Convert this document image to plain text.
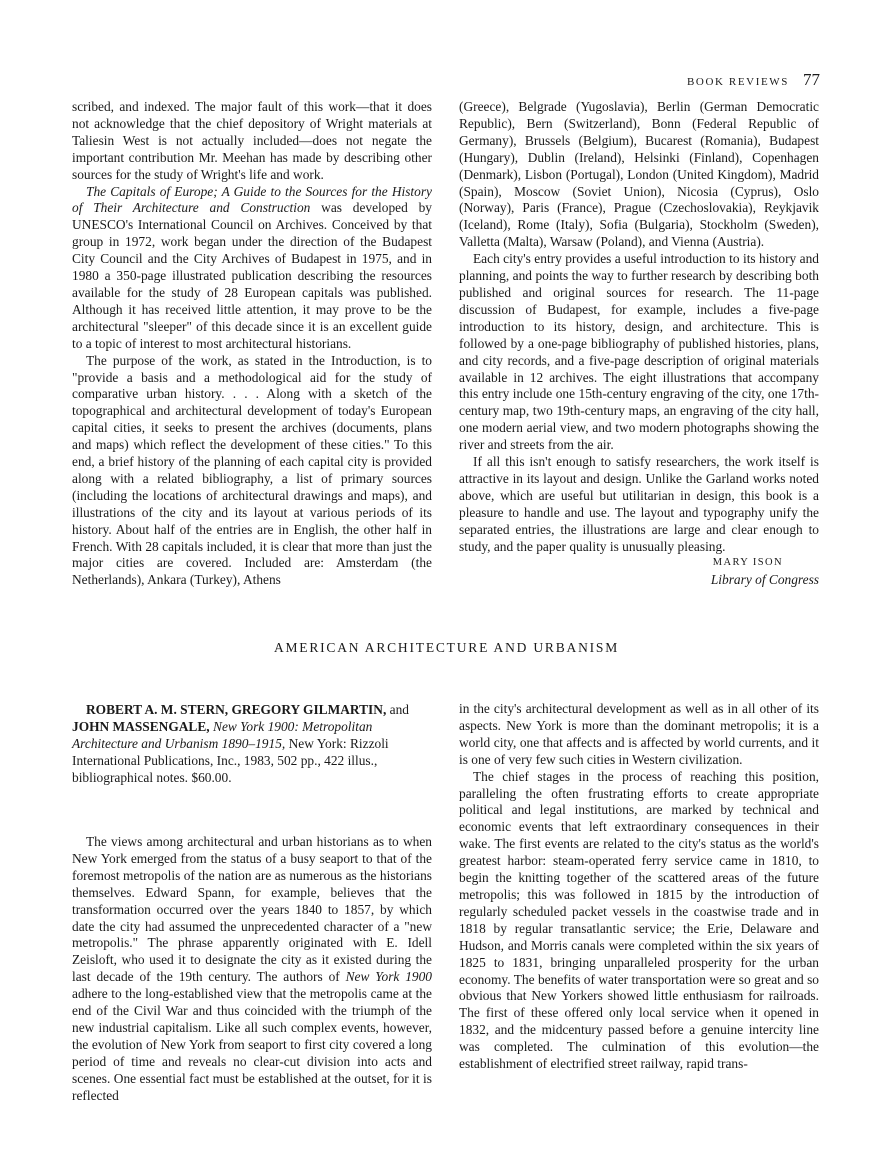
BOOK REVIEWS 77

scribed, and indexed. The major fault of this work—that it does not acknowledge that the chief depository of Wright materials at Taliesin West is not actually included—does not negate the important contribution Mr. Meehan has made by describing other sources for the study of Wright's life and work.

The Capitals of Europe; A Guide to the Sources for the History of Their Architecture and Construction was developed by UNESCO's International Council on Archives. Conceived by that group in 1972, work began under the direction of the Budapest City Council and the City Archives of Budapest in 1975, and in 1980 a 350-page illustrated publication describing the resources available for the study of 28 European capitals was published. Although it has received little attention, it may prove to be the architectural "sleeper" of this decade since it is an excellent guide to a topic of interest to most architectural historians.

The purpose of the work, as stated in the Introduction, is to "provide a basis and a methodological aid for the study of comparative urban history. . . . Along with a sketch of the topographical and architectural development of today's European capital cities, it seeks to present the archives (documents, plans and maps) which reflect the development of these cities." To this end, a brief history of the planning of each capital city is provided along with a related bibliography, a list of primary sources (including the locations of architectural drawings and maps), and illustrations of the city and its layout at various periods of its history. About half of the entries are in English, the other half in French. With 28 capitals included, it is clear that more than just the major cities are covered. Included are: Amsterdam (the Netherlands), Ankara (Turkey), Athens

(Greece), Belgrade (Yugoslavia), Berlin (German Democratic Republic), Bern (Switzerland), Bonn (Federal Republic of Germany), Brussels (Belgium), Bucarest (Romania), Budapest (Hungary), Dublin (Ireland), Helsinki (Finland), Copenhagen (Denmark), Lisbon (Portugal), London (United Kingdom), Madrid (Spain), Moscow (Soviet Union), Nicosia (Cyprus), Oslo (Norway), Paris (France), Prague (Czechoslovakia), Reykjavik (Iceland), Rome (Italy), Sofia (Bulgaria), Stockholm (Sweden), Valletta (Malta), Warsaw (Poland), and Vienna (Austria).

Each city's entry provides a useful introduction to its history and planning, and points the way to further research by describing both published and original sources for research. The 11-page discussion of Budapest, for example, includes a five-page introduction to its history, design, and architecture. This is followed by a one-page bibliography of published histories, plans, and city records, and a five-page description of original materials available in 12 archives. The eight illustrations that accompany this entry include one 15th-century engraving of the city, one 17th-century map, two 19th-century maps, an engraving of the city hall, one modern aerial view, and two modern photographs showing the river and streets from the air.

If all this isn't enough to satisfy researchers, the work itself is attractive in its layout and design. Unlike the Garland works noted above, which are useful but utilitarian in design, this book is a pleasure to handle and use. The layout and typography unify the separated entries, the illustrations are large and clear enough to study, and the paper quality is unusually pleasing.

MARY ISON
Library of Congress
AMERICAN ARCHITECTURE AND URBANISM

ROBERT A. M. STERN, GREGORY GILMARTIN, and JOHN MASSENGALE, New York 1900: Metropolitan Architecture and Urbanism 1890–1915, New York: Rizzoli International Publications, Inc., 1983, 502 pp., 422 illus., bibliographical notes. $60.00.

The views among architectural and urban historians as to when New York emerged from the status of a busy seaport to that of the foremost metropolis of the nation are as numerous as the historians themselves. Edward Spann, for example, believes that the transformation occurred over the years 1840 to 1857, by which date the city had assumed the unprecedented character of a "new metropolis." The phrase apparently originated with E. Idell Zeisloft, who used it to designate the city as it existed during the last decade of the 19th century. The authors of New York 1900 adhere to the long-established view that the metropolis came at the end of the Civil War and thus coincided with the triumph of the new industrial capitalism. Like all such complex events, however, the evolution of New York from seaport to first city covered a long period of time and reveals no clear-cut division into acts and scenes. One essential fact must be established at the outset, for it is reflected

in the city's architectural development as well as in all other of its aspects. New York is more than the dominant metropolis; it is a world city, one that affects and is affected by world currents, and it is one of very few such cities in Western civilization.

The chief stages in the process of reaching this position, paralleling the often frustrating efforts to create appropriate political and legal institutions, are marked by technical and economic events that left extraordinary consequences in their wake. The first events are related to the city's status as the world's greatest harbor: steam-operated ferry service came in 1810, to begin the knitting together of the scattered areas of the future metropolis; this was followed in 1815 by the introduction of regularly scheduled packet vessels in the coastwise trade and in 1818 by regular transatlantic service; the Erie, Delaware and Hudson, and Morris canals were completed within the six years of 1825 to 1831, bringing unparalleled prosperity for the urban economy. The benefits of water transportation were so great and so obvious that New Yorkers showed little enthusiasm for railroads. The first of these offered only local service when it opened in 1832, and the midcentury passed before a genuine intercity line was completed. The culmination of this evolution—the establishment of electrified street railway, rapid trans-
